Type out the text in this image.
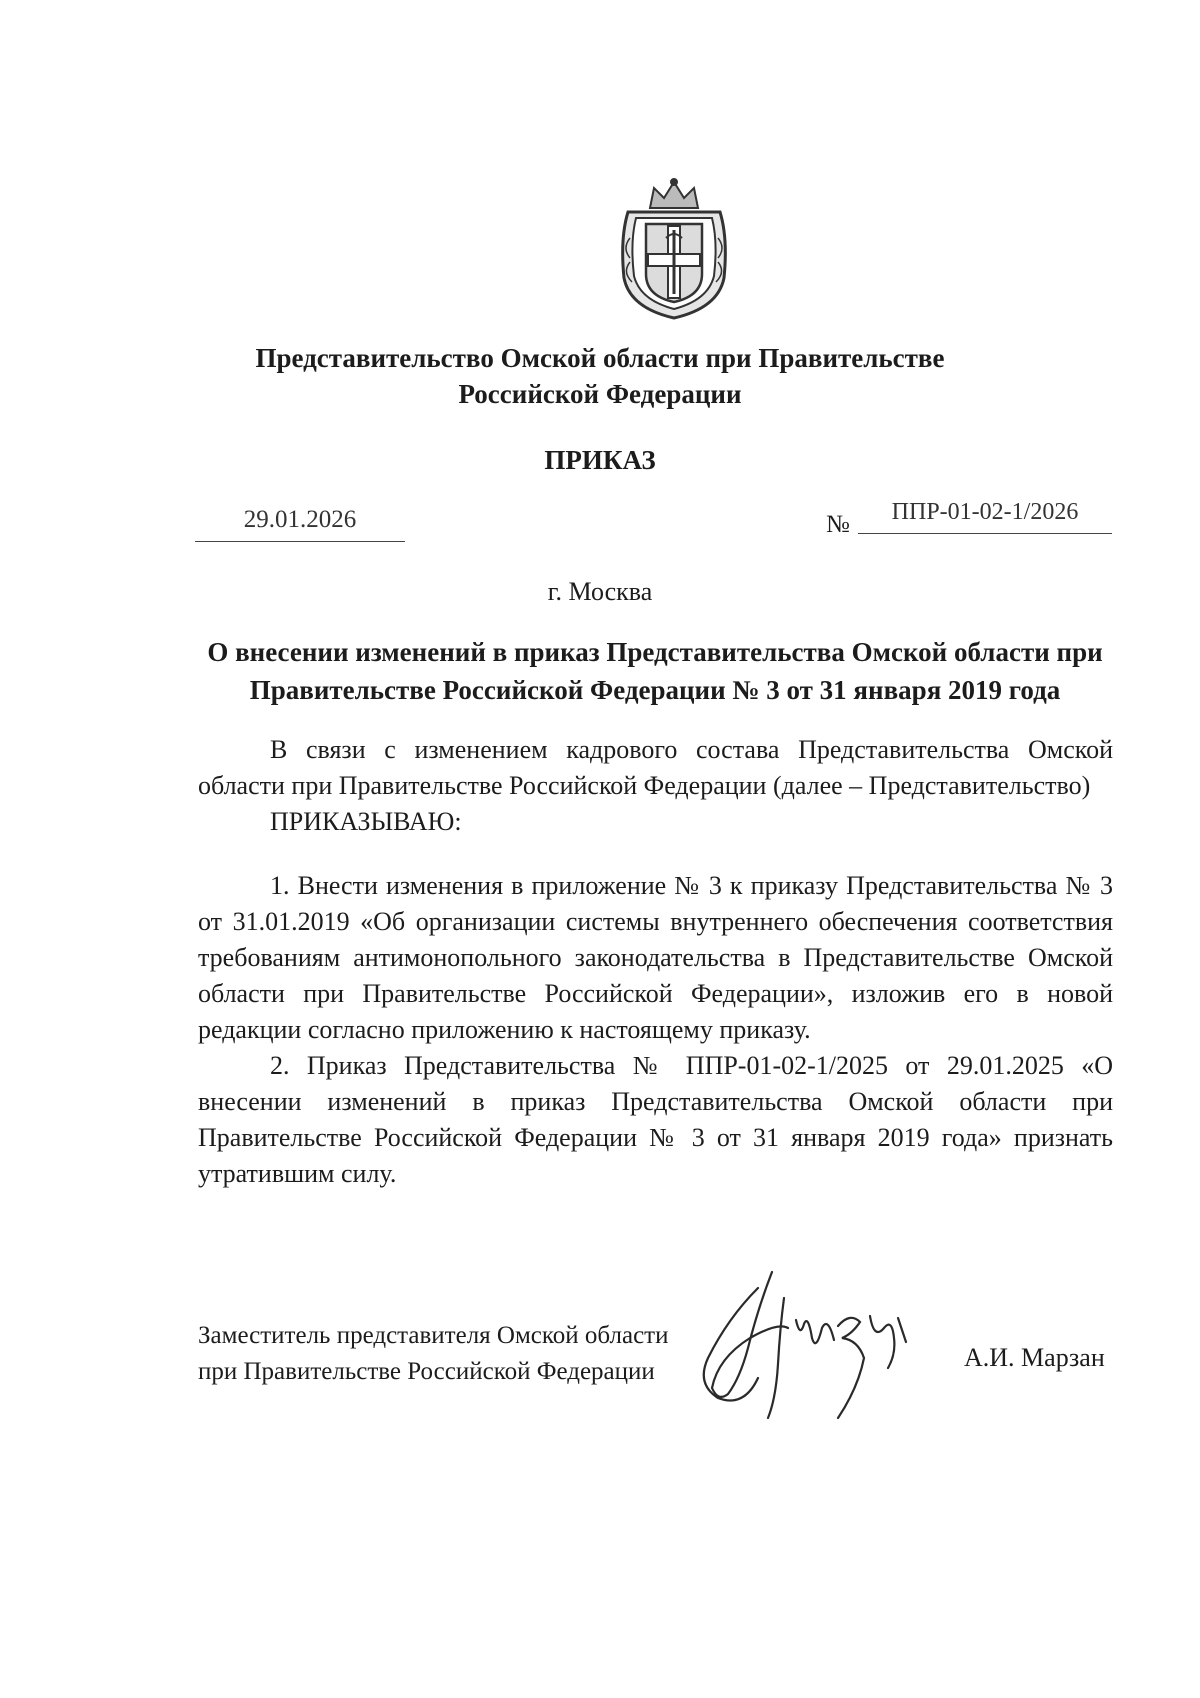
Представительство Омской области при Правительстве Российской Федерации
ПРИКАЗ
29.01.2026	№	ППР-01-02-1/2026
г. Москва
О внесении изменений в приказ Представительства Омской области при Правительстве Российской Федерации № 3 от 31 января 2019 года

В связи с изменением кадрового состава Представительства Омской области при Правительстве Российской Федерации (далее – Представительство)

ПРИКАЗЫВАЮ:

1. Внести изменения в приложение № 3 к приказу Представительства № 3 от 31.01.2019 «Об организации системы внутреннего обеспечения соответствия требованиям антимонопольного законодательства в Представительстве Омской области при Правительстве Российской Федерации», изложив его в новой редакции согласно приложению к настоящему приказу.

2. Приказ Представительства № ППР-01-02-1/2025 от 29.01.2025 «О внесении изменений в приказ Представительства Омской области при Правительстве Российской Федерации № 3 от 31 января 2019 года» признать утратившим силу.

Заместитель представителя Омской области
при Правительстве Российской Федерации	А.И. Марзан
